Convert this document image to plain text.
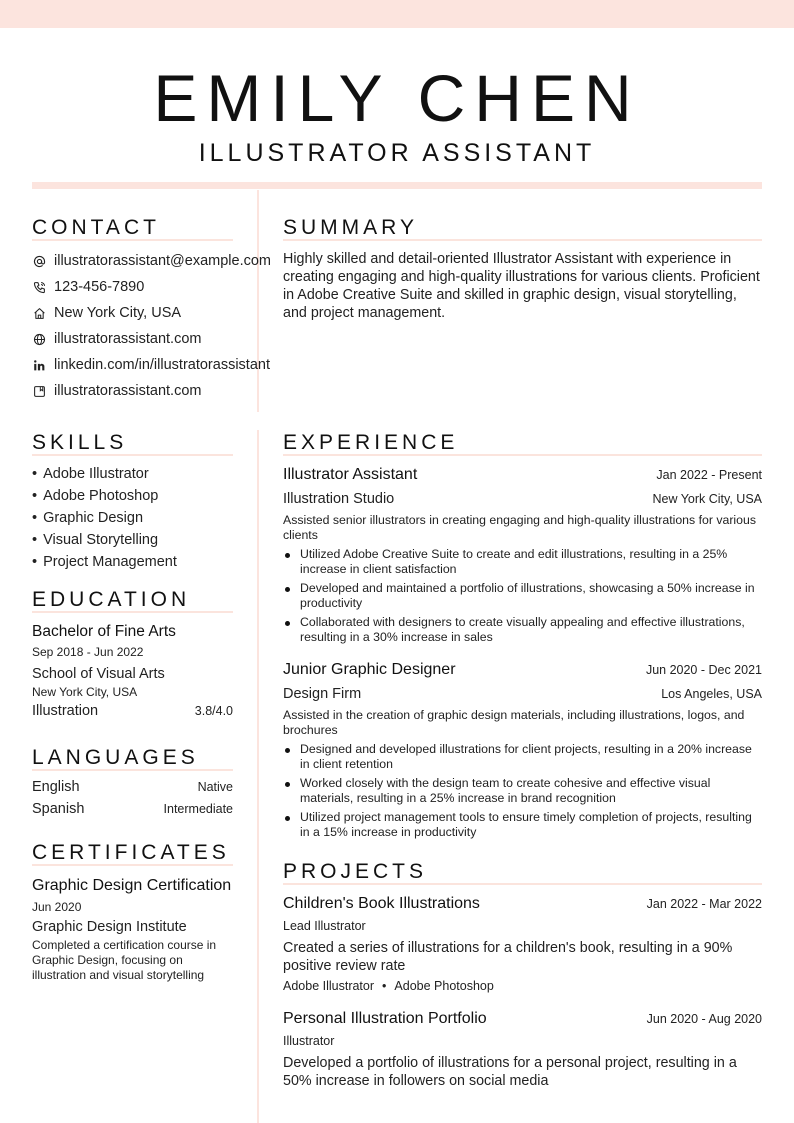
EMILY CHEN
ILLUSTRATOR ASSISTANT
CONTACT
illustratorassistant@example.com
123-456-7890
New York City, USA
illustratorassistant.com
linkedin.com/in/illustratorassistant
illustratorassistant.com
SUMMARY
Highly skilled and detail-oriented Illustrator Assistant with experience in creating engaging and high-quality illustrations for various clients. Proficient in Adobe Creative Suite and skilled in graphic design, visual storytelling, and project management.
SKILLS
• Adobe Illustrator
• Adobe Photoshop
• Graphic Design
• Visual Storytelling
• Project Management
EDUCATION
Bachelor of Fine Arts
Sep 2018 - Jun 2022
School of Visual Arts
New York City, USA
Illustration	3.8/4.0
LANGUAGES
English	Native
Spanish	Intermediate
CERTIFICATES
Graphic Design Certification
Jun 2020
Graphic Design Institute
Completed a certification course in Graphic Design, focusing on illustration and visual storytelling
EXPERIENCE
Illustrator Assistant	Jan 2022 - Present
Illustration Studio	New York City, USA
Assisted senior illustrators in creating engaging and high-quality illustrations for various clients
Utilized Adobe Creative Suite to create and edit illustrations, resulting in a 25% increase in client satisfaction
Developed and maintained a portfolio of illustrations, showcasing a 50% increase in productivity
Collaborated with designers to create visually appealing and effective illustrations, resulting in a 30% increase in sales
Junior Graphic Designer	Jun 2020 - Dec 2021
Design Firm	Los Angeles, USA
Assisted in the creation of graphic design materials, including illustrations, logos, and brochures
Designed and developed illustrations for client projects, resulting in a 20% increase in client retention
Worked closely with the design team to create cohesive and effective visual materials, resulting in a 25% increase in brand recognition
Utilized project management tools to ensure timely completion of projects, resulting in a 15% increase in productivity
PROJECTS
Children's Book Illustrations	Jan 2022 - Mar 2022
Lead Illustrator
Created a series of illustrations for a children's book, resulting in a 90% positive review rate
Adobe Illustrator • Adobe Photoshop
Personal Illustration Portfolio	Jun 2020 - Aug 2020
Illustrator
Developed a portfolio of illustrations for a personal project, resulting in a 50% increase in followers on social media
